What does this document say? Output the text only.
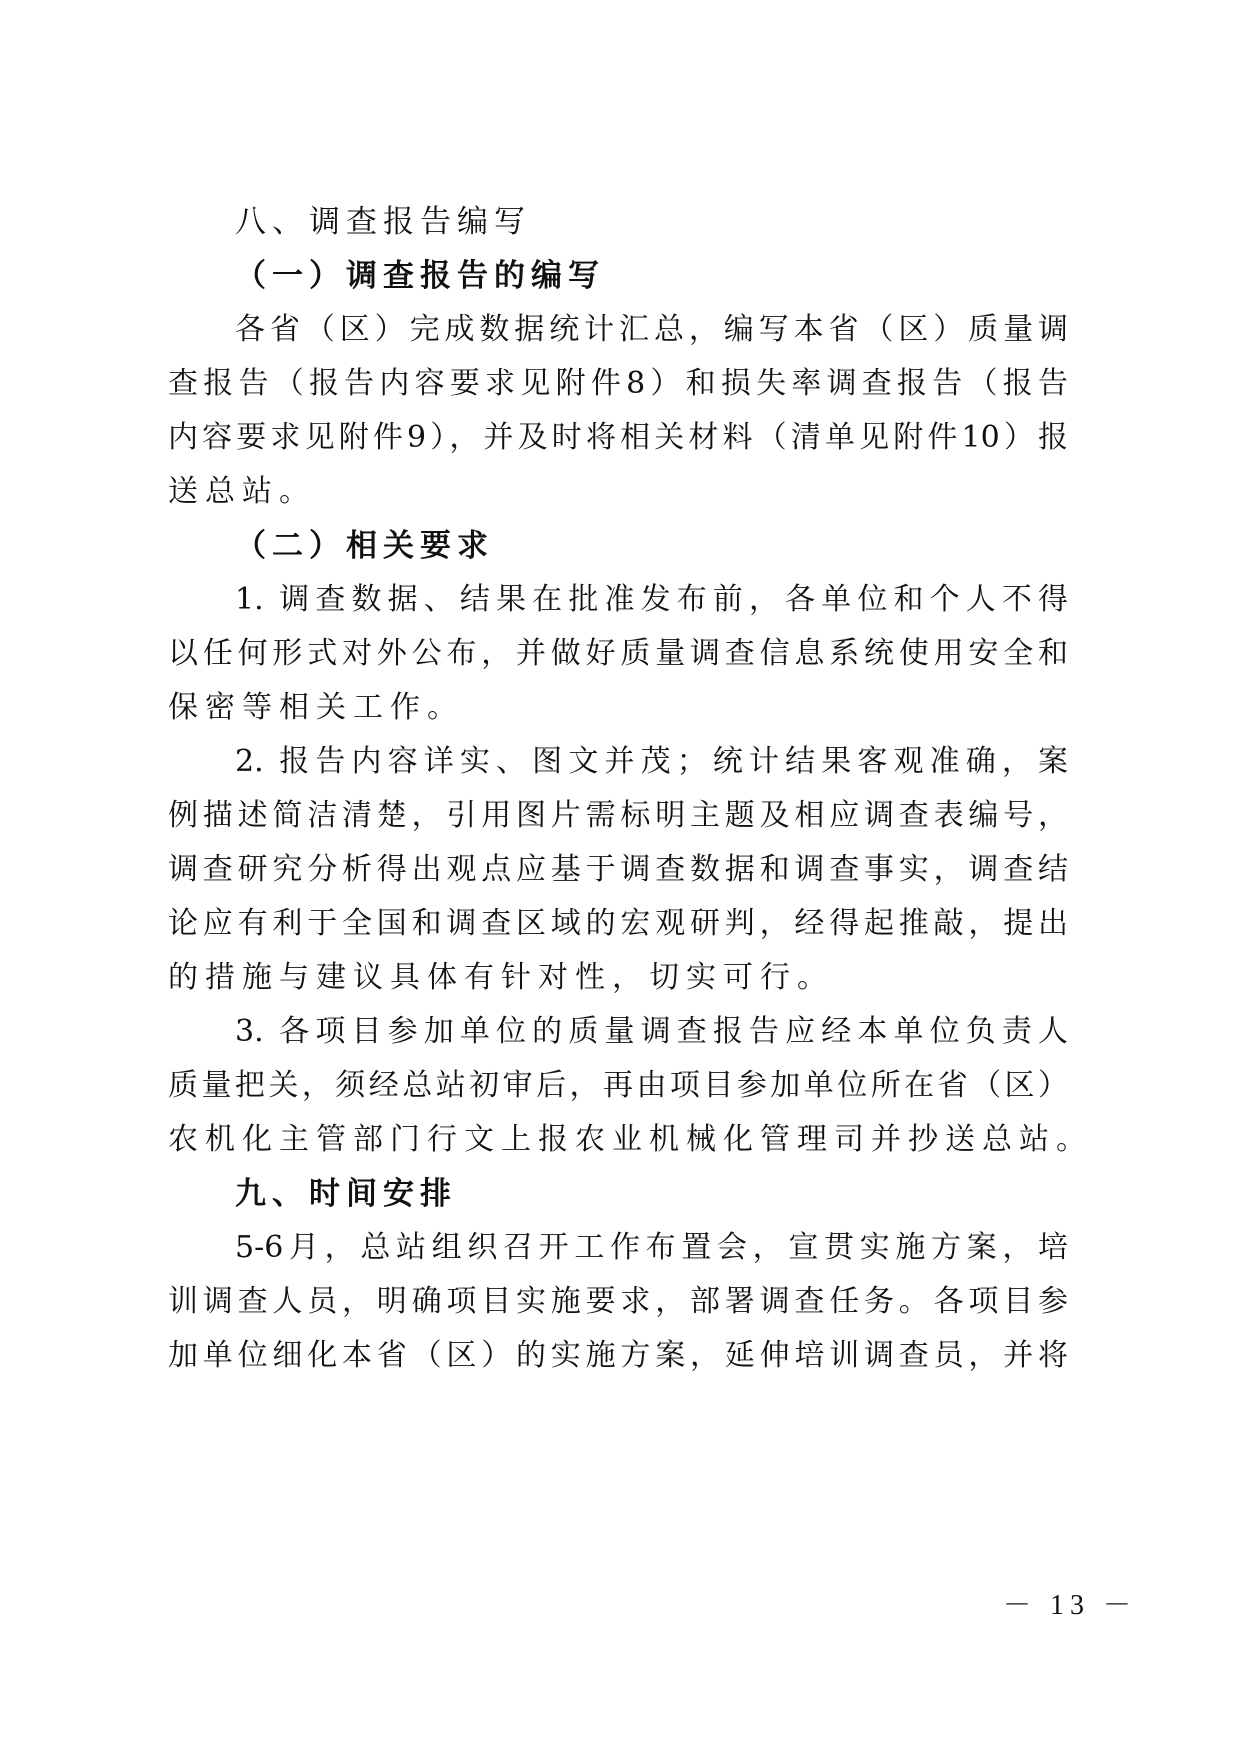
八、调查报告编写
（一）调查报告的编写
各省（区）完成数据统计汇总，编写本省（区）质量调
查报告（报告内容要求见附件8）和损失率调查报告（报告
内容要求见附件9），并及时将相关材料（清单见附件10）报
送总站。
（二）相关要求
1. 调查数据、结果在批准发布前，各单位和个人不得
以任何形式对外公布，并做好质量调查信息系统使用安全和
保密等相关工作。
2. 报告内容详实、图文并茂；统计结果客观准确，案
例描述简洁清楚，引用图片需标明主题及相应调查表编号，
调查研究分析得出观点应基于调查数据和调查事实，调查结
论应有利于全国和调查区域的宏观研判，经得起推敲，提出
的措施与建议具体有针对性，切实可行。
3. 各项目参加单位的质量调查报告应经本单位负责人
质量把关，须经总站初审后，再由项目参加单位所在省（区）
农机化主管部门行文上报农业机械化管理司并抄送总站。
九、时间安排
5-6月，总站组织召开工作布置会，宣贯实施方案，培
训调查人员，明确项目实施要求，部署调查任务。各项目参
加单位细化本省（区）的实施方案，延伸培训调查员，并将
－ 13 －
